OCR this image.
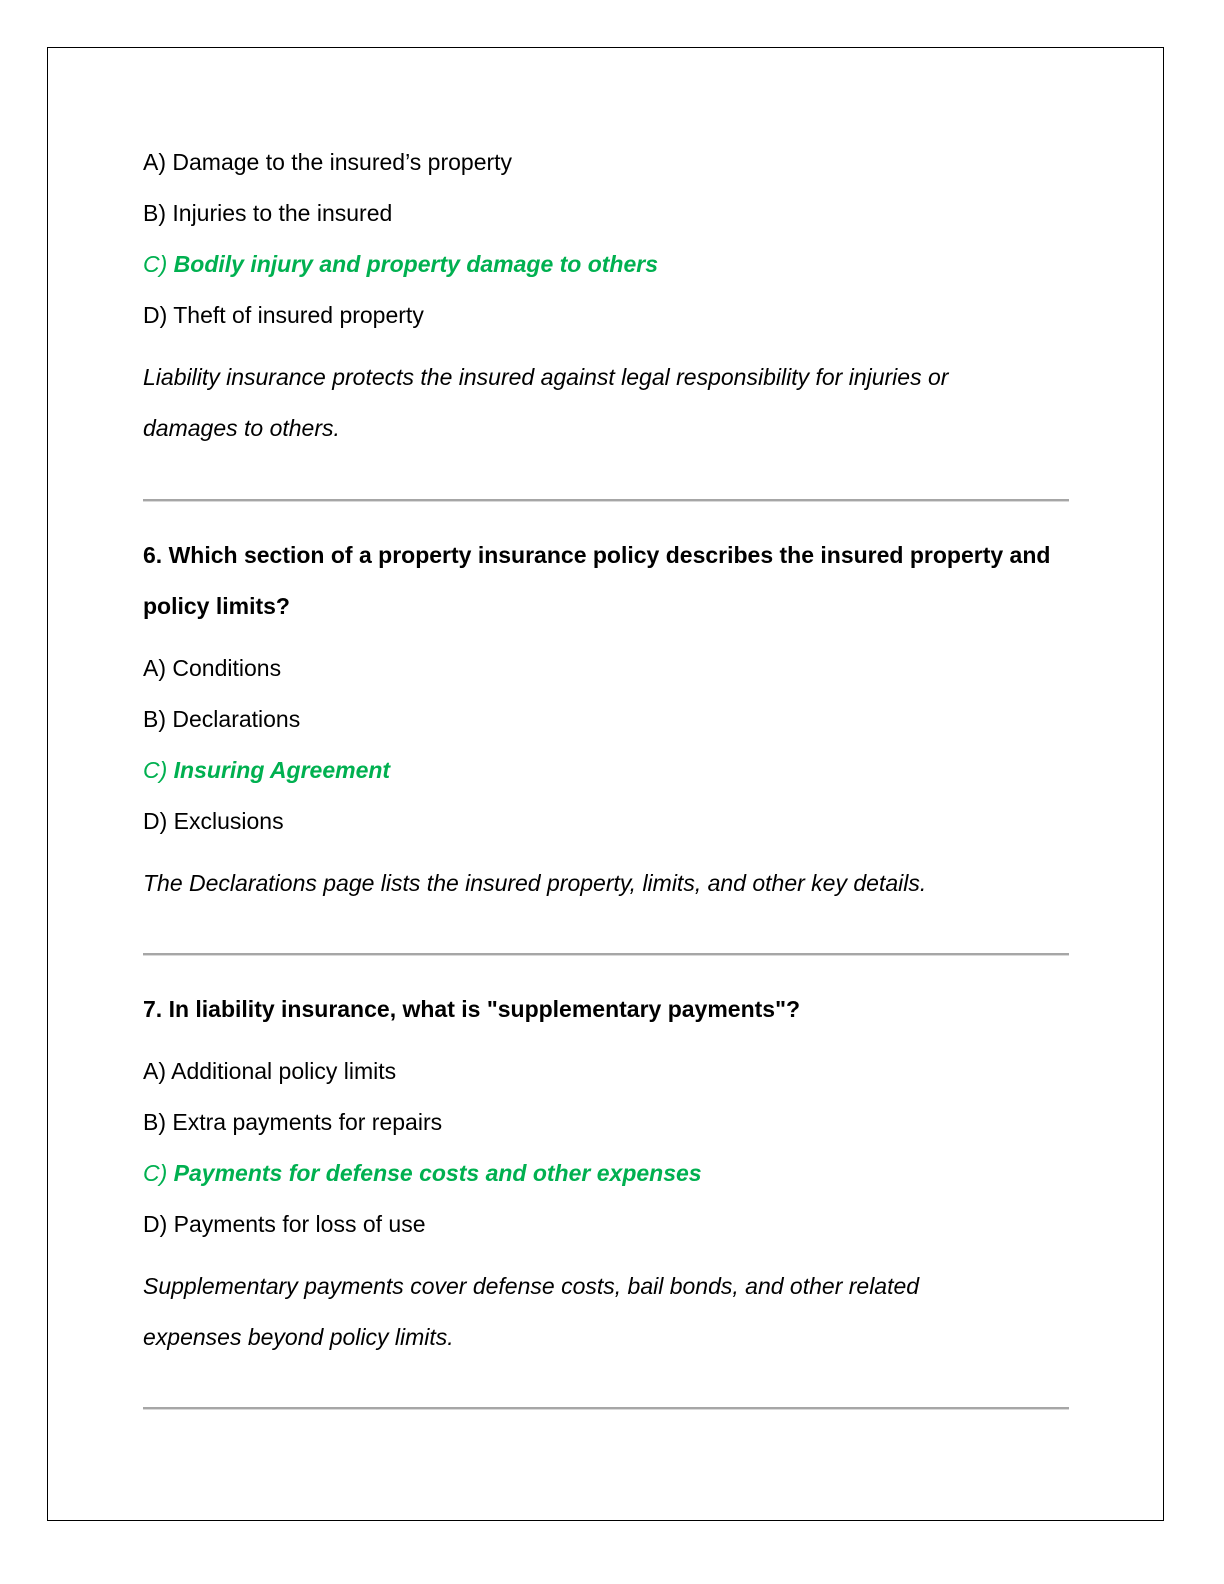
A) Damage to the insured’s property
B) Injuries to the insured
C) Bodily injury and property damage to others
D) Theft of insured property
Liability insurance protects the insured against legal responsibility for injuries or damages to others.
6. Which section of a property insurance policy describes the insured property and policy limits?
A) Conditions
B) Declarations
C) Insuring Agreement
D) Exclusions
The Declarations page lists the insured property, limits, and other key details.
7. In liability insurance, what is "supplementary payments"?
A) Additional policy limits
B) Extra payments for repairs
C) Payments for defense costs and other expenses
D) Payments for loss of use
Supplementary payments cover defense costs, bail bonds, and other related expenses beyond policy limits.
